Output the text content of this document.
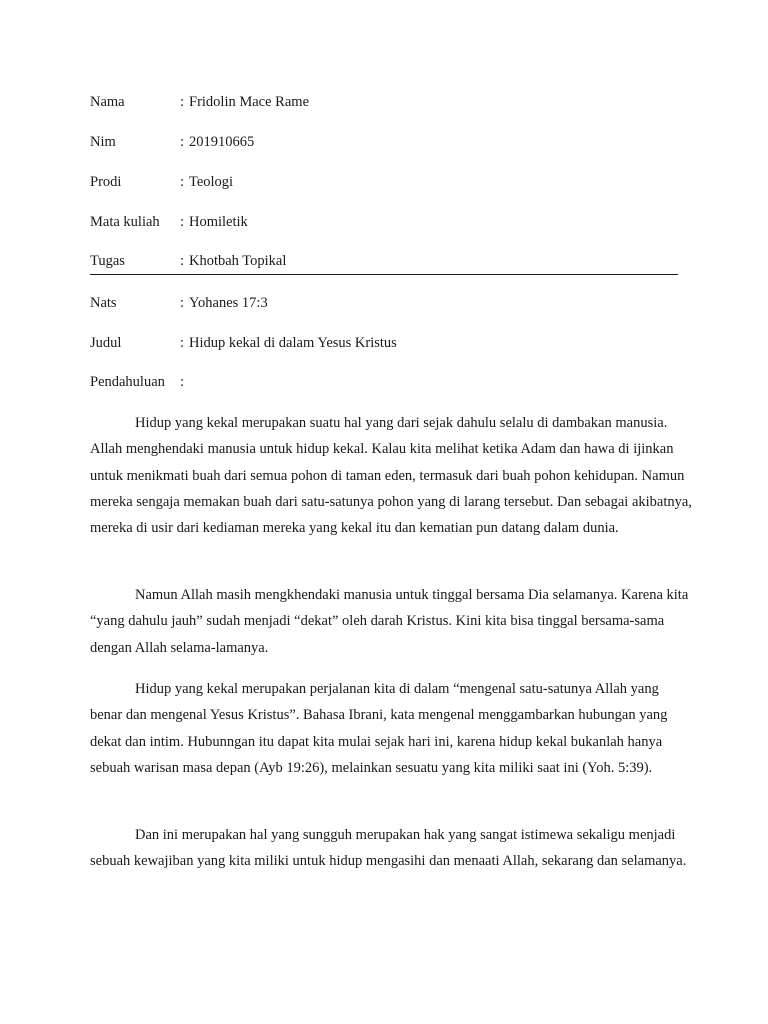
Nama	: Fridolin Mace Rame
Nim	: 201910665
Prodi	: Teologi
Mata kuliah : Homiletik
Tugas	: Khotbah Topikal
Nats	: Yohanes 17:3
Judul	: Hidup kekal di dalam Yesus Kristus
Pendahuluan :

Hidup yang kekal merupakan suatu hal yang dari sejak dahulu selalu di dambakan manusia. Allah menghendaki manusia untuk hidup kekal. Kalau kita melihat ketika Adam dan hawa di ijinkan untuk menikmati buah dari semua pohon di taman eden, termasuk dari buah pohon kehidupan. Namun mereka sengaja memakan buah dari satu-satunya pohon yang di larang tersebut. Dan sebagai akibatnya, mereka di usir dari kediaman mereka yang kekal itu dan kematian pun datang dalam dunia.

Namun Allah masih mengkhendaki manusia untuk tinggal bersama Dia selamanya. Karena kita “yang dahulu jauh” sudah menjadi “dekat” oleh darah Kristus. Kini kita bisa tinggal bersama-sama dengan Allah selama-lamanya.

Hidup yang kekal merupakan perjalanan kita di dalam “mengenal satu-satunya Allah yang benar dan mengenal Yesus Kristus”. Bahasa Ibrani, kata mengenal menggambarkan hubungan yang dekat dan intim. Hubunngan itu dapat kita mulai sejak hari ini, karena hidup kekal bukanlah hanya sebuah warisan masa depan (Ayb 19:26), melainkan sesuatu yang kita miliki saat ini (Yoh. 5:39).

Dan ini merupakan hal yang sungguh merupakan hak yang sangat istimewa sekaligu menjadi sebuah kewajiban yang kita miliki untuk hidup mengasihi dan menaati Allah, sekarang dan selamanya.
